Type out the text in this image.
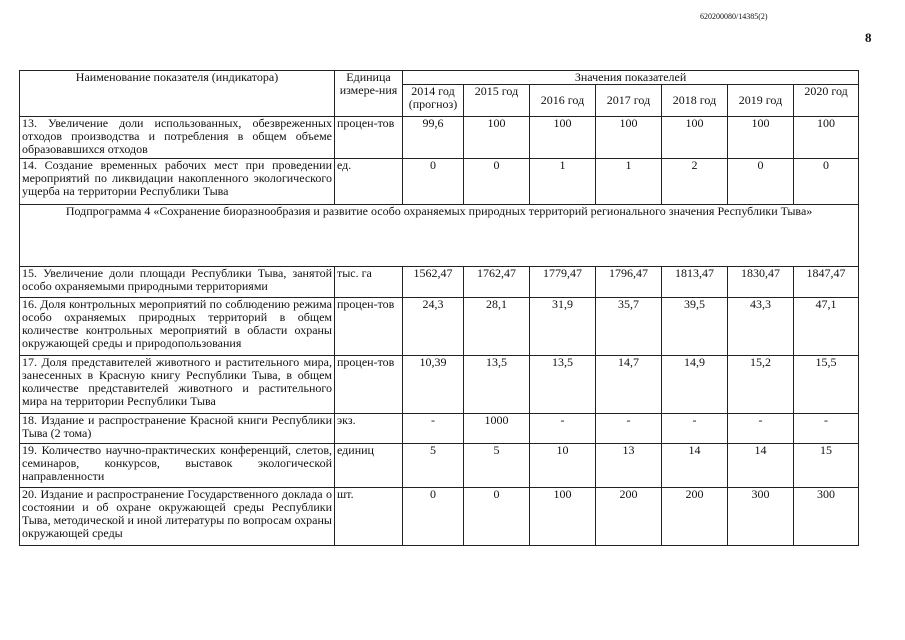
620200080/14385(2)
8
Наименование показателя (индикатора)	Единица измере-ния	Значения показателей						
		2014 год (прогноз)	2015 год	2016 год	2017 год	2018 год	2019 год	2020 год
13. Увеличение доли использованных, обезвреженных отходов производства и потребления в общем объеме образовавшихся отходов	процен-тов	99,6	100	100	100	100	100	100
14. Создание временных рабочих мест при проведении мероприятий по ликвидации накопленного экологического ущерба на территории Республики Тыва	ед.	0	0	1	1	2	0	0
Подпрограмма 4 «Сохранение биоразнообразия и развитие особо охраняемых природных территорий регионального значения Республики Тыва»								
15. Увеличение доли площади Республики Тыва, занятой особо охраняемыми природными территориями	тыс. га	1562,47	1762,47	1779,47	1796,47	1813,47	1830,47	1847,47
16. Доля контрольных мероприятий по соблюдению режима особо охраняемых природных территорий в общем количестве контрольных мероприятий в области охраны окружающей среды и природопользования	процен-тов	24,3	28,1	31,9	35,7	39,5	43,3	47,1
17. Доля представителей животного и растительного мира, занесенных в Красную книгу Республики Тыва, в общем количестве представителей животного и растительного мира на территории Республики Тыва	процен-тов	10,39	13,5	13,5	14,7	14,9	15,2	15,5
18. Издание и распространение Красной книги Республики Тыва (2 тома)	экз.	-	1000	-	-	-	-	-
19. Количество научно-практических конференций, слетов, семинаров, конкурсов, выставок экологической направленности	единиц	5	5	10	13	14	14	15
20. Издание и распространение Государственного доклада о состоянии и об охране окружающей среды Республики Тыва, методической и иной литературы по вопросам охраны окружающей среды	шт.	0	0	100	200	200	300	300
